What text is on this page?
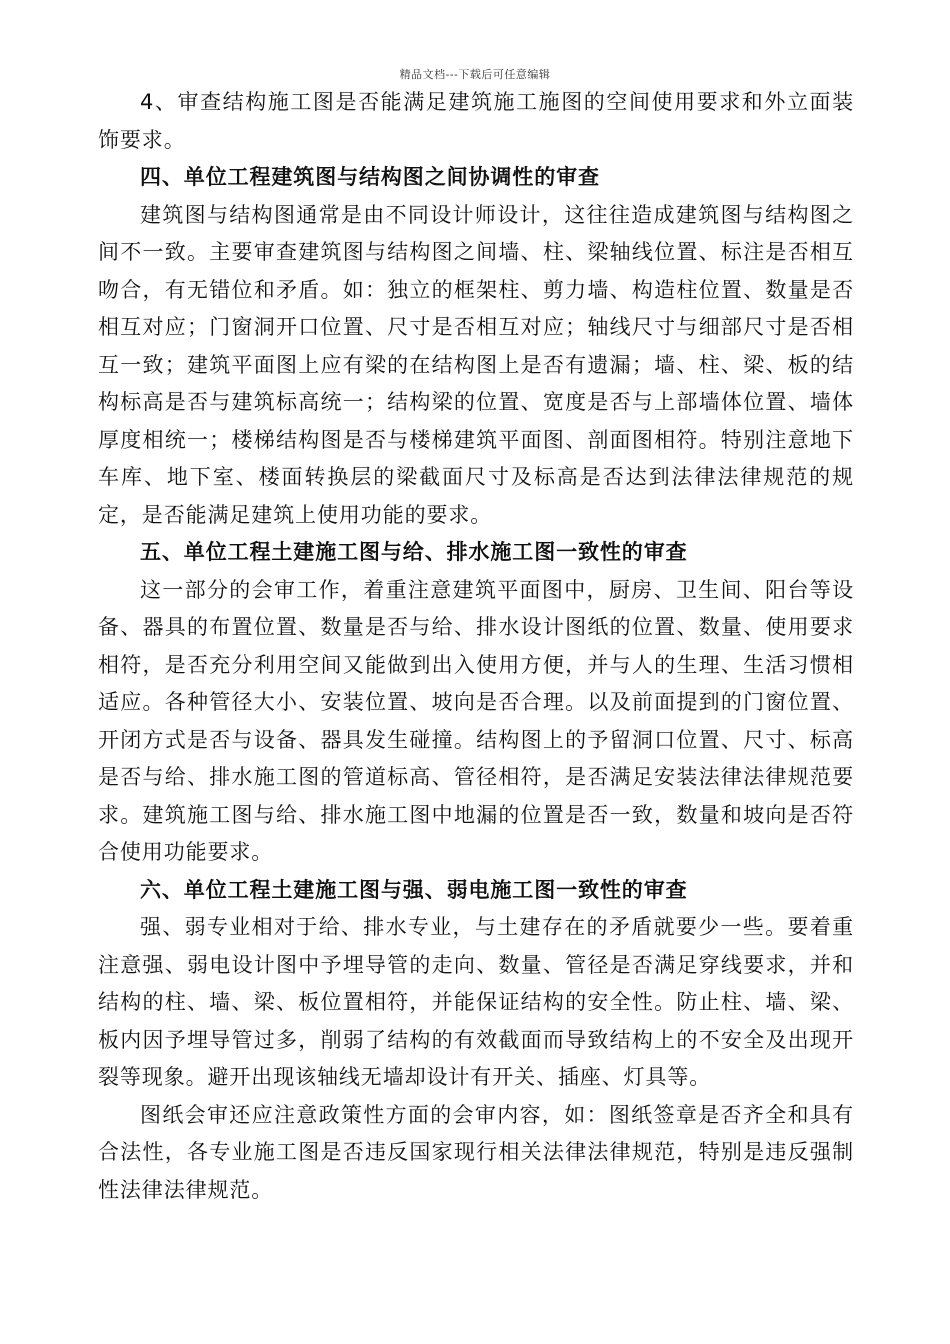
精品文档---下载后可任意编辑

4、审查结构施工图是否能满足建筑施工施图的空间使用要求和外立面装饰要求。

四、单位工程建筑图与结构图之间协调性的审查

建筑图与结构图通常是由不同设计师设计，这往往造成建筑图与结构图之间不一致。主要审查建筑图与结构图之间墙、柱、梁轴线位置、标注是否相互吻合，有无错位和矛盾。如：独立的框架柱、剪力墙、构造柱位置、数量是否相互对应；门窗洞开口位置、尺寸是否相互对应；轴线尺寸与细部尺寸是否相互一致；建筑平面图上应有梁的在结构图上是否有遗漏；墙、柱、梁、板的结构标高是否与建筑标高统一；结构梁的位置、宽度是否与上部墙体位置、墙体厚度相统一；楼梯结构图是否与楼梯建筑平面图、剖面图相符。特别注意地下车库、地下室、楼面转换层的梁截面尺寸及标高是否达到法律法律规范的规定，是否能满足建筑上使用功能的要求。

五、单位工程土建施工图与给、排水施工图一致性的审查

这一部分的会审工作，着重注意建筑平面图中，厨房、卫生间、阳台等设备、器具的布置位置、数量是否与给、排水设计图纸的位置、数量、使用要求相符，是否充分利用空间又能做到出入使用方便，并与人的生理、生活习惯相适应。各种管径大小、安装位置、坡向是否合理。以及前面提到的门窗位置、开闭方式是否与设备、器具发生碰撞。结构图上的予留洞口位置、尺寸、标高是否与给、排水施工图的管道标高、管径相符，是否满足安装法律法律规范要求。建筑施工图与给、排水施工图中地漏的位置是否一致，数量和坡向是否符合使用功能要求。

六、单位工程土建施工图与强、弱电施工图一致性的审查

强、弱专业相对于给、排水专业，与土建存在的矛盾就要少一些。要着重注意强、弱电设计图中予埋导管的走向、数量、管径是否满足穿线要求，并和结构的柱、墙、梁、板位置相符，并能保证结构的安全性。防止柱、墙、梁、板内因予埋导管过多，削弱了结构的有效截面而导致结构上的不安全及出现开裂等现象。避开出现该轴线无墙却设计有开关、插座、灯具等。

图纸会审还应注意政策性方面的会审内容，如：图纸签章是否齐全和具有合法性，各专业施工图是否违反国家现行相关法律法律规范，特别是违反强制性法律法律规范。
